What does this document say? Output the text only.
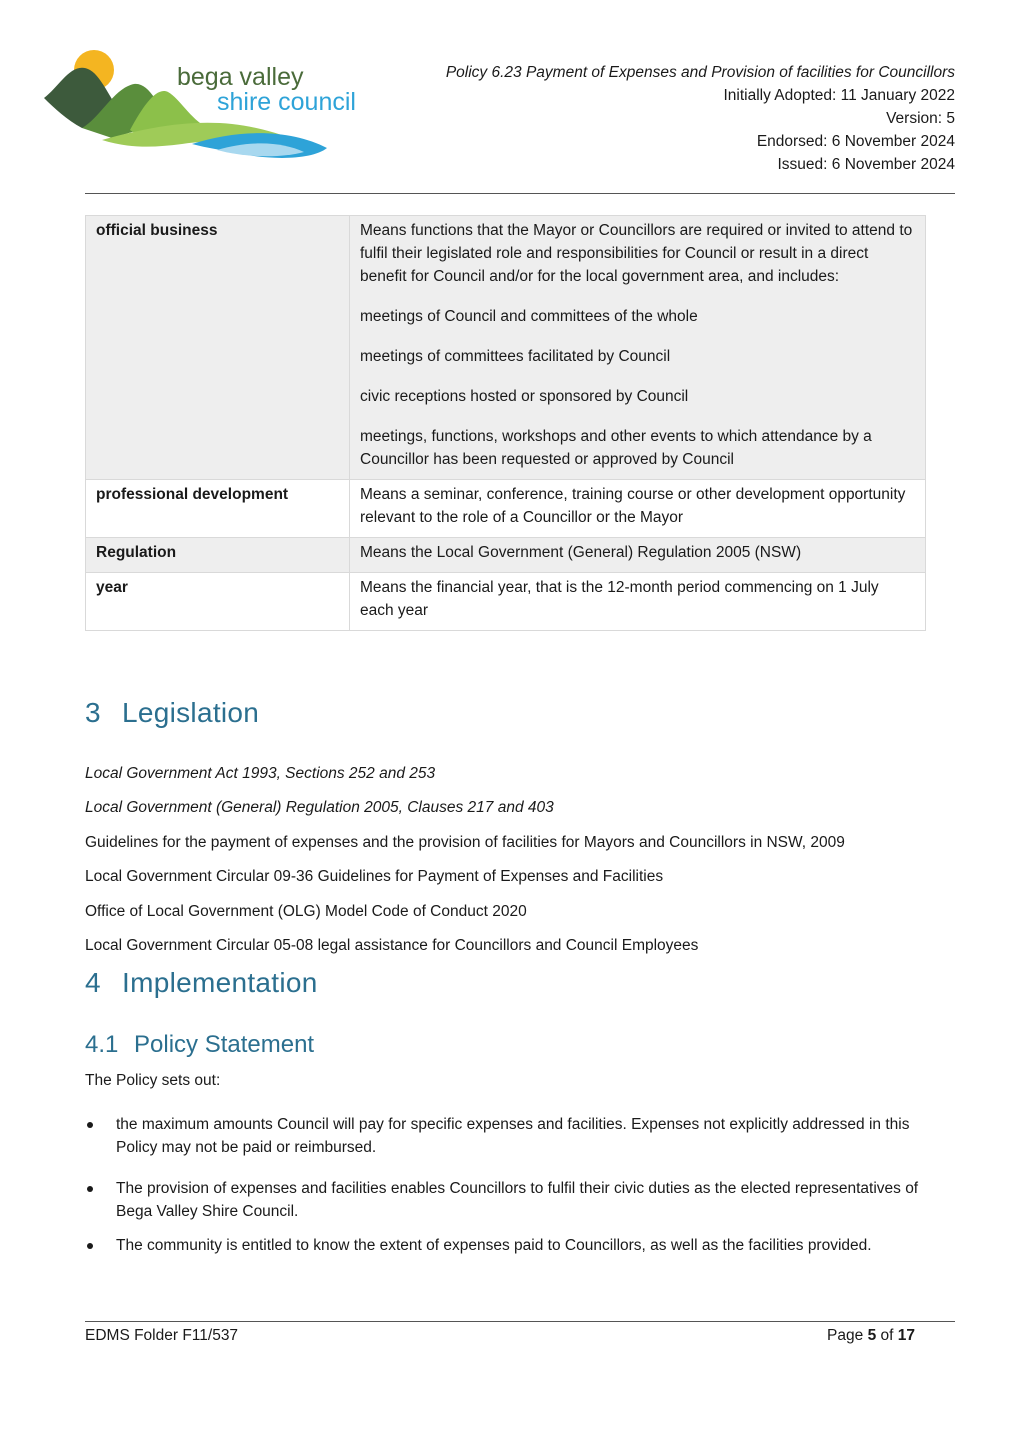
bega valley
shire council
Policy 6.23 Payment of Expenses and Provision of facilities for Councillors
Initially Adopted: 11 January 2022
Version: 5
Endorsed: 6 November 2024
Issued: 6 November 2024
official business	Means functions that the Mayor or Councillors are required or invited to attend to fulfil their legislated role and responsibilities for Council or result in a direct benefit for Council and/or for the local government area, and includes:

meetings of Council and committees of the whole

meetings of committees facilitated by Council

civic receptions hosted or sponsored by Council

meetings, functions, workshops and other events to which attendance by a Councillor has been requested or approved by Council

professional development	Means a seminar, conference, training course or other development opportunity relevant to the role of a Councillor or the Mayor

Regulation	Means the Local Government (General) Regulation 2005 (NSW)

year	Means the financial year, that is the 12-month period commencing on 1 July each year

3 Legislation
Local Government Act 1993, Sections 252 and 253
Local Government (General) Regulation 2005, Clauses 217 and 403
Guidelines for the payment of expenses and the provision of facilities for Mayors and Councillors in NSW, 2009
Local Government Circular 09-36 Guidelines for Payment of Expenses and Facilities
Office of Local Government (OLG) Model Code of Conduct 2020
Local Government Circular 05-08 legal assistance for Councillors and Council Employees
4 Implementation
4.1 Policy Statement
The Policy sets out:
the maximum amounts Council will pay for specific expenses and facilities. Expenses not explicitly addressed in this Policy may not be paid or reimbursed.
The provision of expenses and facilities enables Councillors to fulfil their civic duties as the elected representatives of Bega Valley Shire Council.
The community is entitled to know the extent of expenses paid to Councillors, as well as the facilities provided.
EDMS Folder F11/537	Page 5 of 17
